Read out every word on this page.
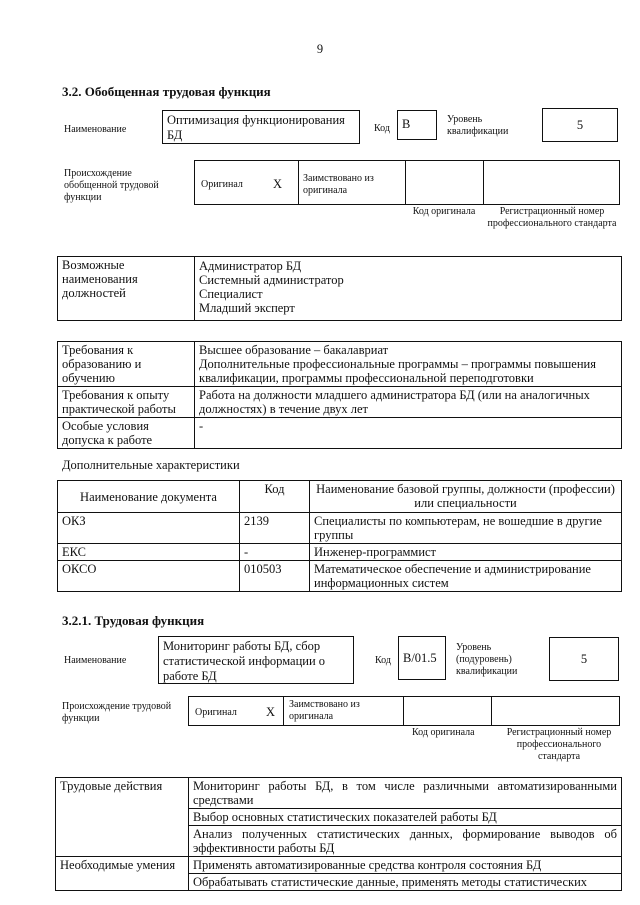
9
3.2. Обобщенная трудовая функция
Наименование
Оптимизация функционирования БД	Код B	Уровень квалификации	5
Происхождение обобщенной трудовой функции
Оригинал X Заимствовано из оригинала
Код оригинала	Регистрационный номер профессионального стандарта
Возможные наименования должностей	
Администратор БД
Системный администратор
Специалист
Младший эксперт
Требования к образованию и обучению	Высшее образование – бакалавриат
Дополнительные профессиональные программы – программы повышения квалификации, программы профессиональной переподготовки

Требования к опыту практической работы	Работа на должности младшего администратора БД (или на аналогичных должностях) в течение двух лет
Особые условия допуска к работе	-
Дополнительные характеристики
Наименование документа	Код	Наименование базовой группы, должности (профессии) или специальности
ОКЗ	2139	Специалисты по компьютерам, не вошедшие в другие группы
ЕКС	-	Инженер-программист
ОКСО	010503	Математическое обеспечение и администрирование информационных систем
3.2.1. Трудовая функция
Наименование
Мониторинг работы БД, сбор статистической информации о работе БД
Код B/01.5
Уровень (подуровень) квалификации
5
Происхождение трудовой функции
Оригинал X
Заимствовано из оригинала
Код оригинала	Регистрационный номер профессионального стандарта
Трудовые действия	Мониторинг работы БД, в том числе различными автоматизированными средствами
	Выбор основных статистических показателей работы БД
	Анализ полученных статистических данных, формирование выводов об эффективности работы БД
Необходимые умения	Применять автоматизированные средства контроля состояния БД
	Обрабатывать статистические данные, применять методы статистических
